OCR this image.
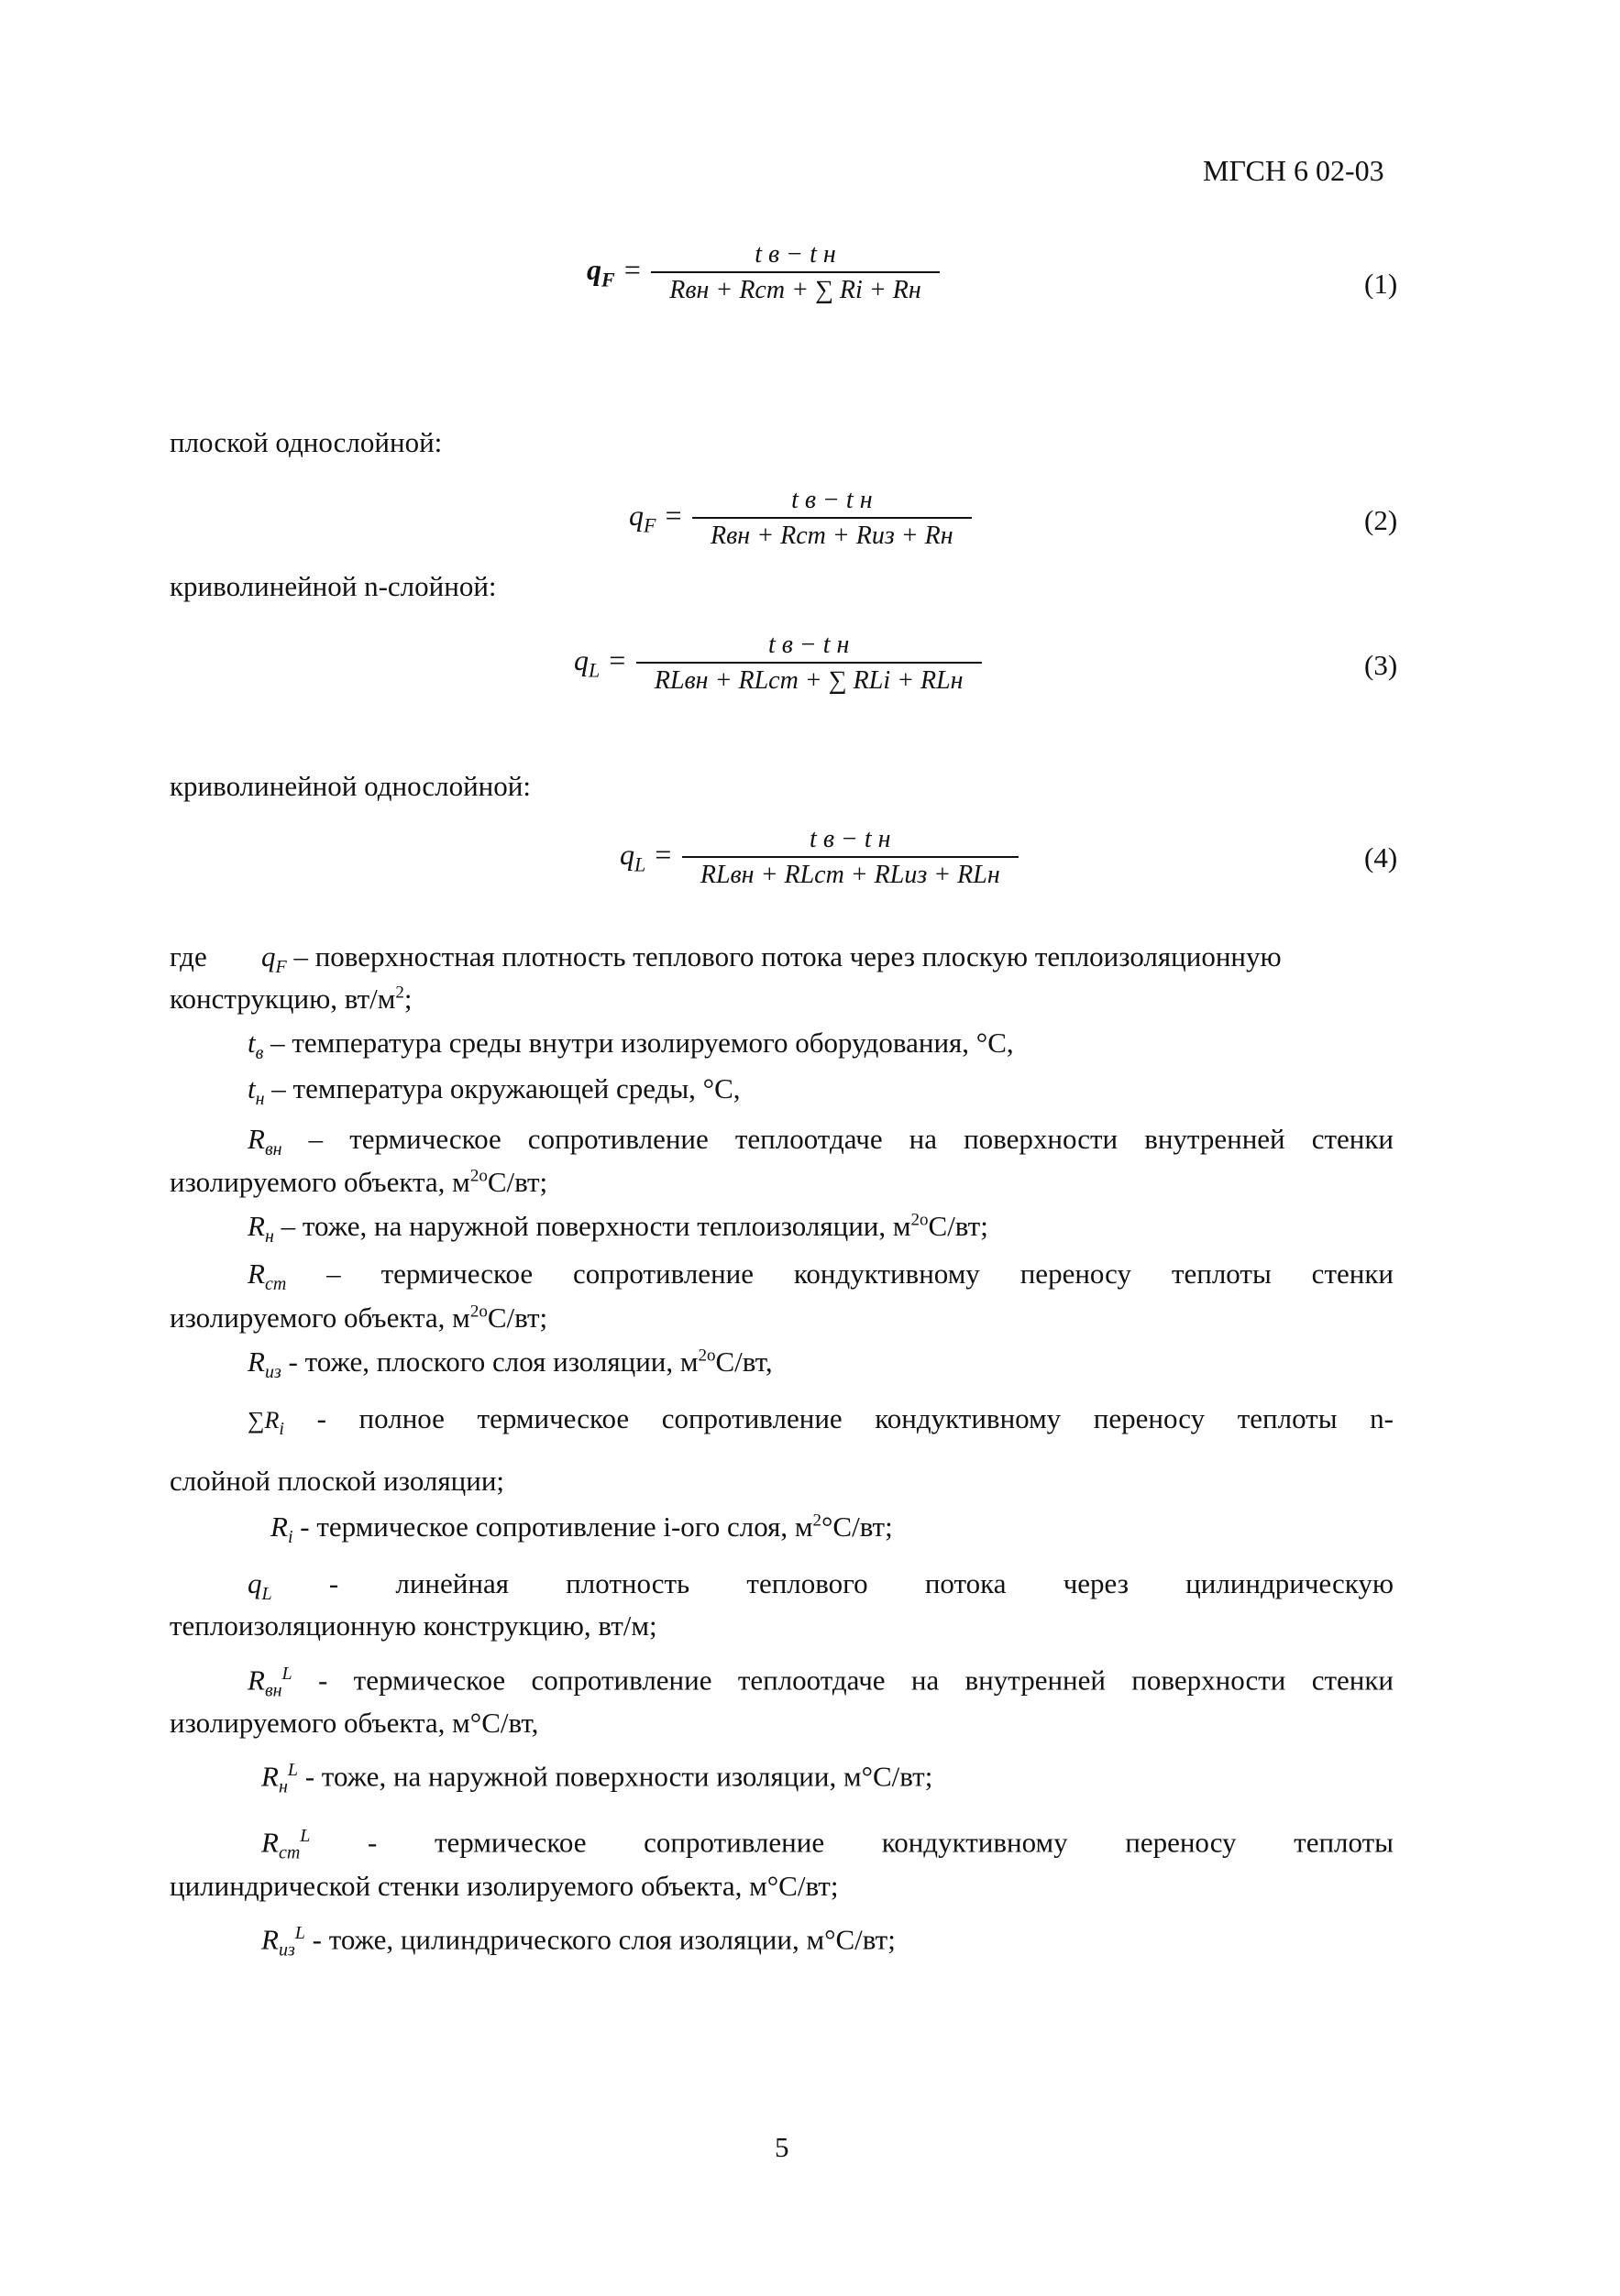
МГСН 6 02-03
$q_F = \frac{\text{t в − t н}}{\text{Rвн + Rст + ∑ Rі + Rн}}$	(1)
плоской однослойной:
$q_F = \frac{\text{t в − t н}}{\text{Rвн + Rст + Rиз + Rн}}$	(2)
криволинейной n-слойной:
$q_L = \frac{\text{t в − t н}}{\text{RLвн + RLст + ∑ RLі + RLн}}$	(3)
криволинейной однослойной:
$q_L = \frac{\text{t в − t н}}{\text{RLвн + RLст + RLиз + RLн}}$	(4)
где $q_F$ – поверхностная плотность теплового потока через плоскую теплоизоляционную
конструкцию, $вт/м^2$;
$t_в$ – температура среды внутри изолируемого оборудования, °С,
$t_н$ – температура окружающей среды, °С,
$R_{вн}$ – термическое сопротивление теплоотдаче на поверхности внутренней стенки
изолируемого объекта, $м^{2о}С/вт$;
$R_н$ – тоже, на наружной поверхности теплоизоляции, $м^{2о}С/вт$;
$R_{ст}$ – термическое сопротивление кондуктивному переносу теплоты стенки
изолируемого объекта, $м^{2о}С/вт$;
$R_{из}$ - тоже, плоского слоя изоляции, $м^{2о}С/вт$,
$\sum R_і$ - полное термическое сопротивление кондуктивному переносу теплоты n-
слойной плоской изоляции;
$R_і$ - термическое сопротивление i-ого слоя, $м^2^\circ С/вт$;
$q_L$ - линейная плотность теплового потока через цилиндрическую
теплоизоляционную конструкцию, вт/м;
$R_{вн}^L$ - термическое сопротивление теплоотдаче на внутренней поверхности стенки
изолируемого объекта, м°С/вт,
$R_н^L$ - тоже, на наружной поверхности изоляции, м°С/вт;
$R_{ст}^L$ - термическое сопротивление кондуктивному переносу теплоты
цилиндрической стенки изолируемого объекта, м°С/вт;
$R_{из}^L$ - тоже, цилиндрического слоя изоляции, м°С/вт;
5
